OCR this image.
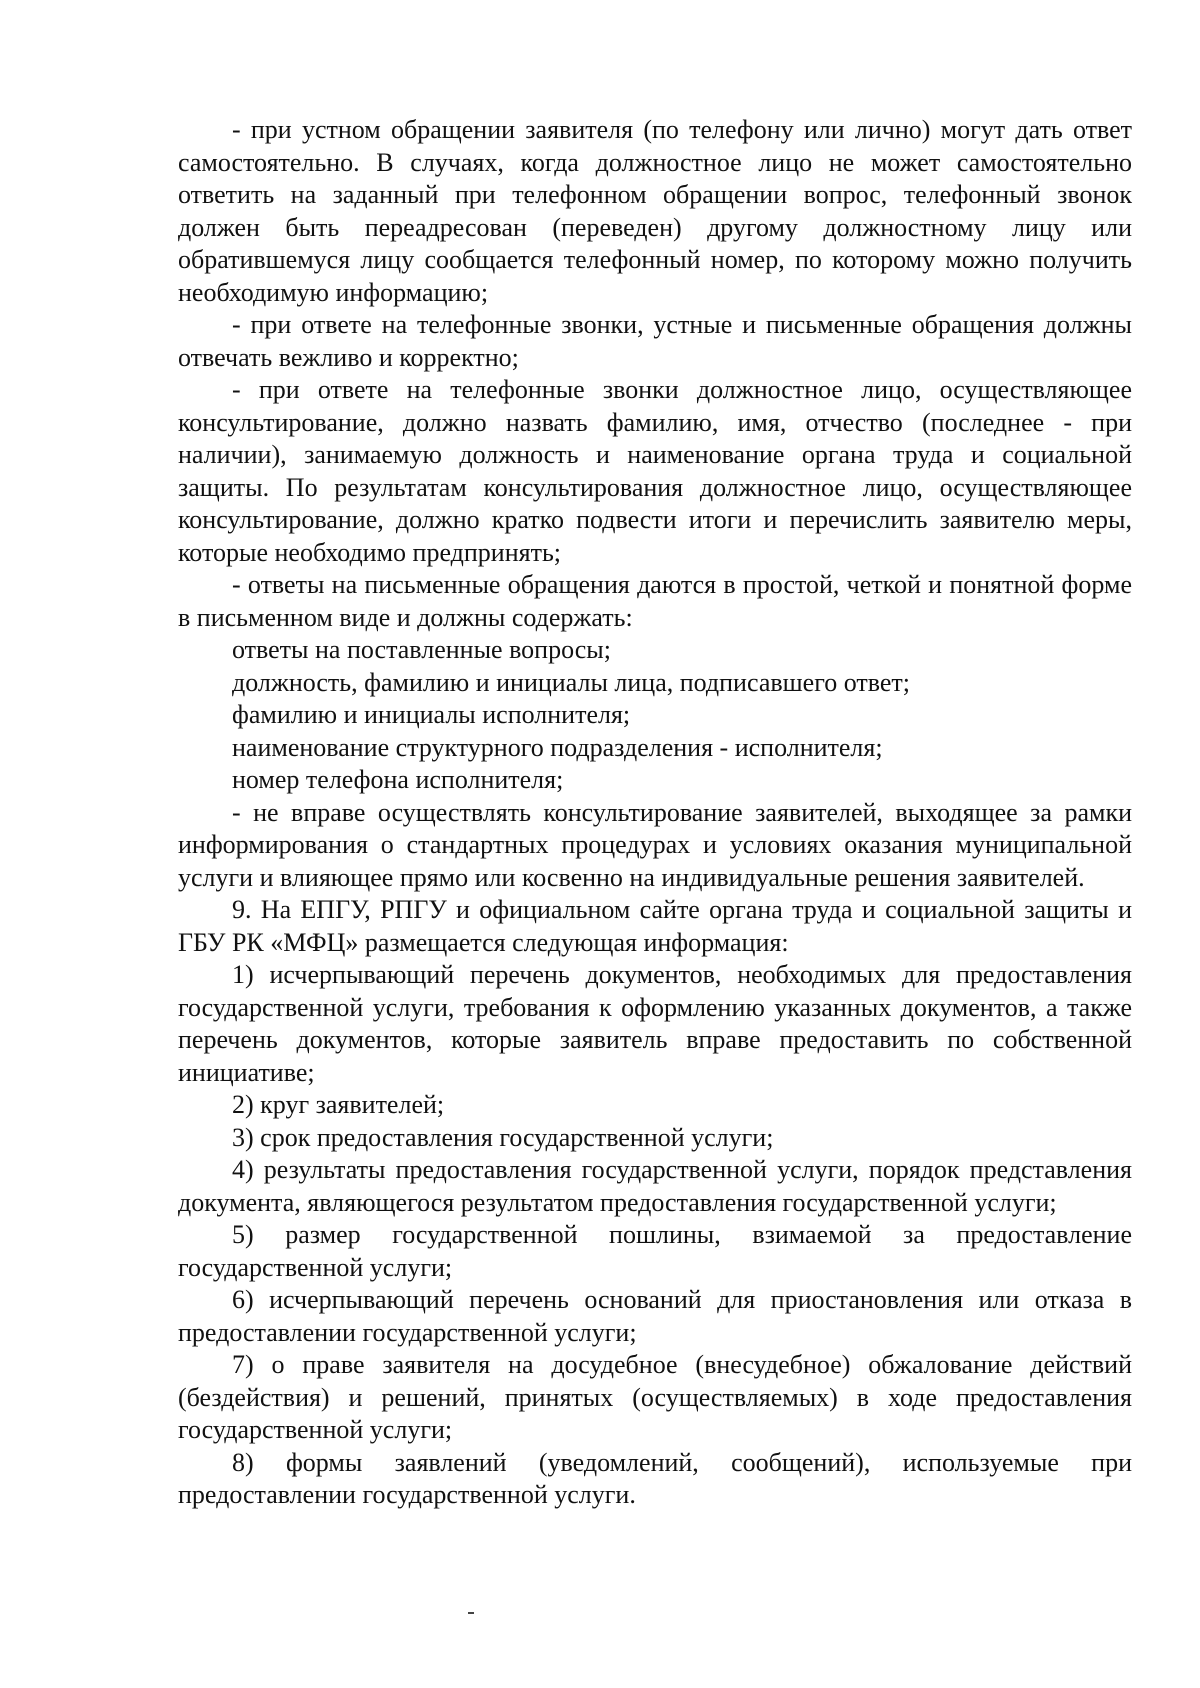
- при устном обращении заявителя (по телефону или лично) могут дать ответ самостоятельно. В случаях, когда должностное лицо не может самостоятельно ответить на заданный при телефонном обращении вопрос, телефонный звонок должен быть переадресован (переведен) другому должностному лицу или обратившемуся лицу сообщается телефонный номер, по которому можно получить необходимую информацию;

- при ответе на телефонные звонки, устные и письменные обращения должны отвечать вежливо и корректно;

- при ответе на телефонные звонки должностное лицо, осуществляющее консультирование, должно назвать фамилию, имя, отчество (последнее - при наличии), занимаемую должность и наименование органа труда и социальной защиты. По результатам консультирования должностное лицо, осуществляющее консультирование, должно кратко подвести итоги и перечислить заявителю меры, которые необходимо предпринять;

- ответы на письменные обращения даются в простой, четкой и понятной форме в письменном виде и должны содержать:

ответы на поставленные вопросы;

должность, фамилию и инициалы лица, подписавшего ответ;

фамилию и инициалы исполнителя;

наименование структурного подразделения - исполнителя;

номер телефона исполнителя;

- не вправе осуществлять консультирование заявителей, выходящее за рамки информирования о стандартных процедурах и условиях оказания муниципальной услуги и влияющее прямо или косвенно на индивидуальные решения заявителей.

9. На ЕПГУ, РПГУ и официальном сайте органа труда и социальной защиты и ГБУ РК «МФЦ» размещается следующая информация:

1) исчерпывающий перечень документов, необходимых для предоставления государственной услуги, требования к оформлению указанных документов, а также перечень документов, которые заявитель вправе предоставить по собственной инициативе;

2) круг заявителей;

3) срок предоставления государственной услуги;

4) результаты предоставления государственной услуги, порядок представления документа, являющегося результатом предоставления государственной услуги;

5) размер государственной пошлины, взимаемой за предоставление государственной услуги;

6) исчерпывающий перечень оснований для приостановления или отказа в предоставлении государственной услуги;

7) о праве заявителя на досудебное (внесудебное) обжалование действий (бездействия) и решений, принятых (осуществляемых) в ходе предоставления государственной услуги;

8) формы заявлений (уведомлений, сообщений), используемые при предоставлении государственной услуги.
